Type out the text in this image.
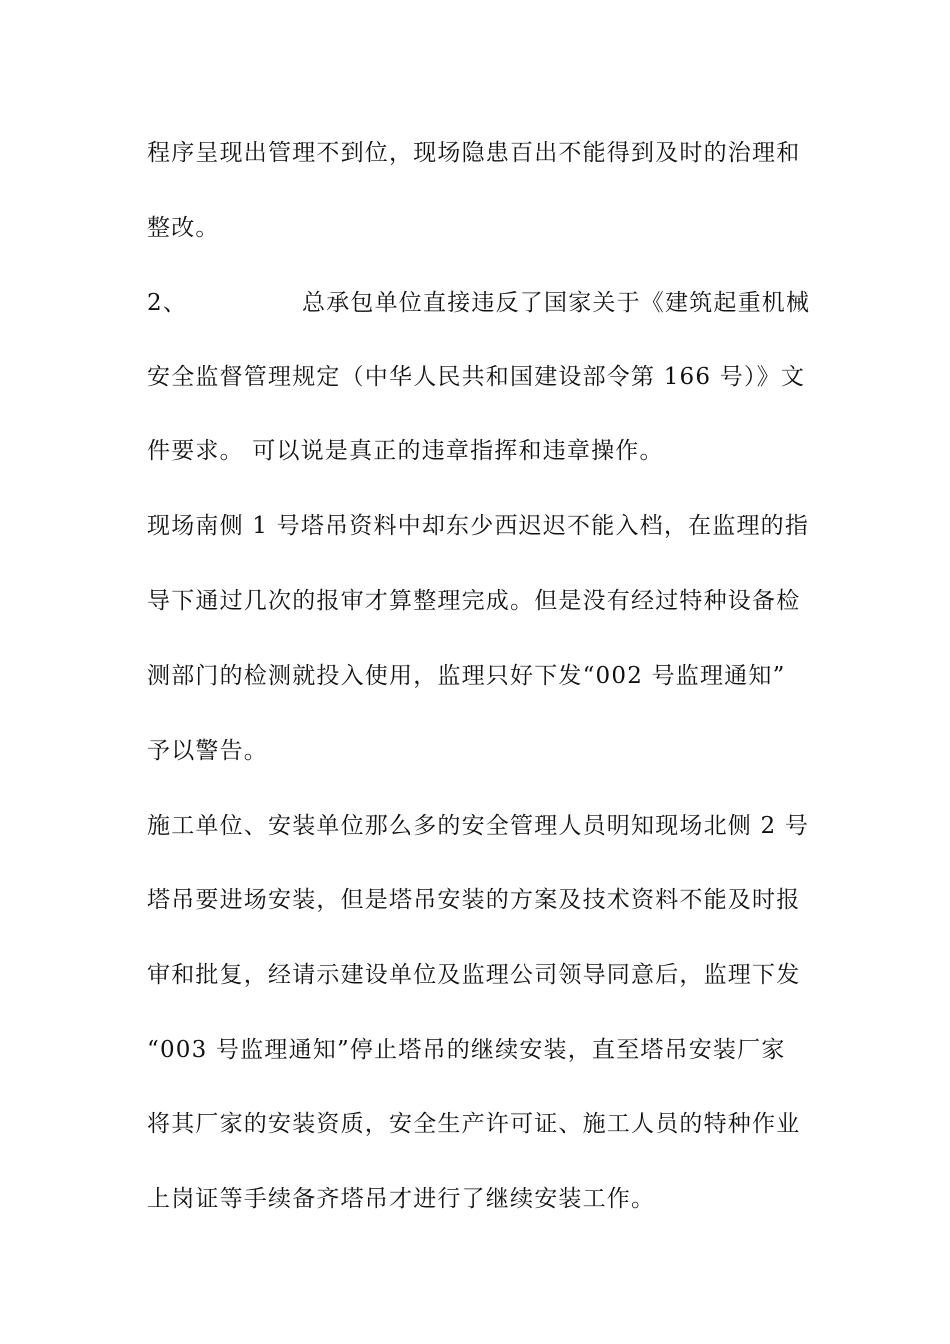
程序呈现出管理不到位，现场隐患百出不能得到及时的治理和
整改。
2、	总承包单位直接违反了国家关于《建筑起重机械
安全监督管理规定（中华人民共和国建设部令第 166 号）》文
件要求。 可以说是真正的违章指挥和违章操作。
现场南侧 1 号塔吊资料中却东少西迟迟不能入档，在监理的指
导下通过几次的报审才算整理完成。但是没有经过特种设备检
测部门的检测就投入使用，监理只好下发“002 号监理通知”
予以警告。
施工单位、安装单位那么多的安全管理人员明知现场北侧 2 号
塔吊要进场安装，但是塔吊安装的方案及技术资料不能及时报
审和批复，经请示建设单位及监理公司领导同意后，监理下发
“003 号监理通知”停止塔吊的继续安装，直至塔吊安装厂家
将其厂家的安装资质，安全生产许可证、施工人员的特种作业
上岗证等手续备齐塔吊才进行了继续安装工作。
